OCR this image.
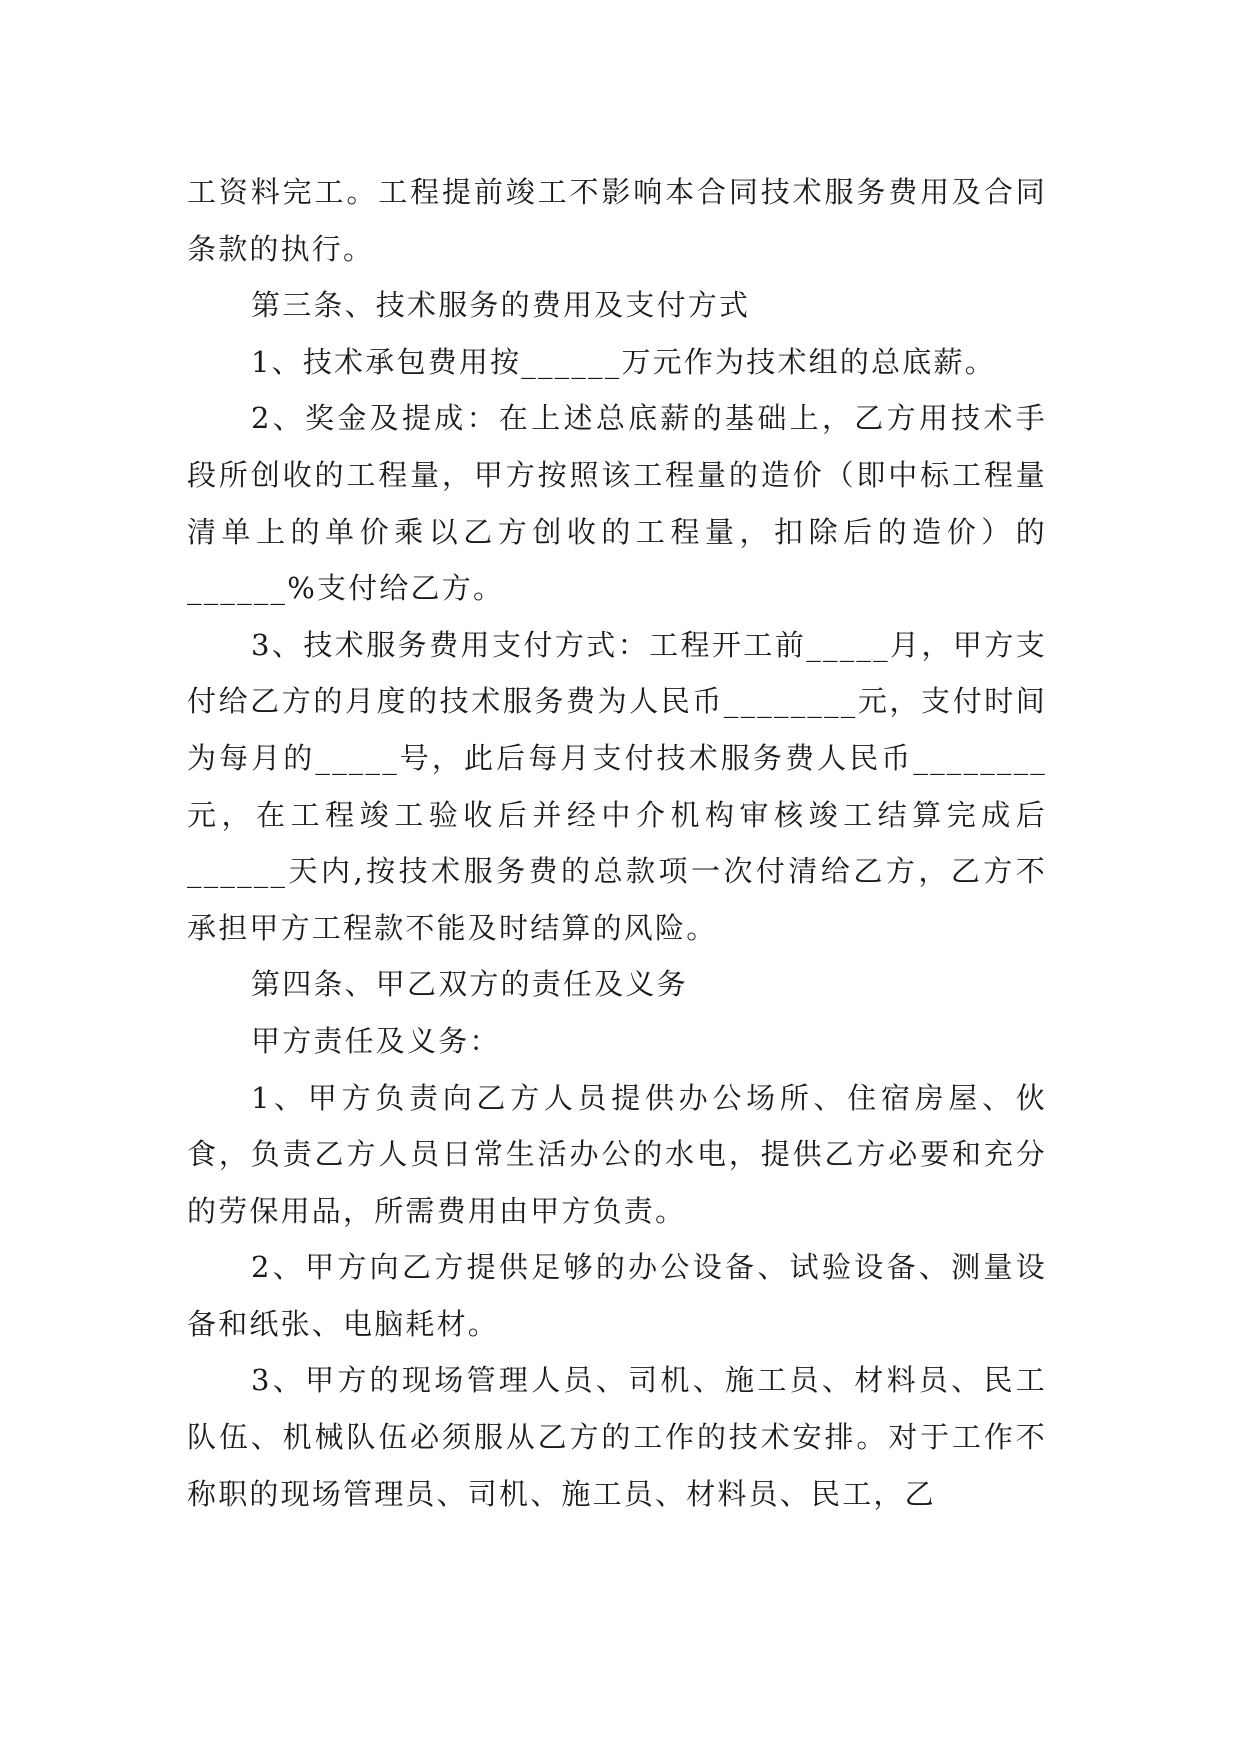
工资料完工。工程提前竣工不影响本合同技术服务费用及合同条款的执行。

第三条、技术服务的费用及支付方式

1、技术承包费用按______万元作为技术组的总底薪。

2、奖金及提成：在上述总底薪的基础上，乙方用技术手段所创收的工程量，甲方按照该工程量的造价（即中标工程量清单上的单价乘以乙方创收的工程量，扣除后的造价）的______%支付给乙方。

3、技术服务费用支付方式：工程开工前_____月，甲方支付给乙方的月度的技术服务费为人民币________元，支付时间为每月的_____号，此后每月支付技术服务费人民币________元，在工程竣工验收后并经中介机构审核竣工结算完成后______天内,按技术服务费的总款项一次付清给乙方，乙方不承担甲方工程款不能及时结算的风险。

第四条、甲乙双方的责任及义务

甲方责任及义务：

1、甲方负责向乙方人员提供办公场所、住宿房屋、伙食，负责乙方人员日常生活办公的水电，提供乙方必要和充分的劳保用品，所需费用由甲方负责。

2、甲方向乙方提供足够的办公设备、试验设备、测量设备和纸张、电脑耗材。

3、甲方的现场管理人员、司机、施工员、材料员、民工队伍、机械队伍必须服从乙方的工作的技术安排。对于工作不称职的现场管理员、司机、施工员、材料员、民工，乙
